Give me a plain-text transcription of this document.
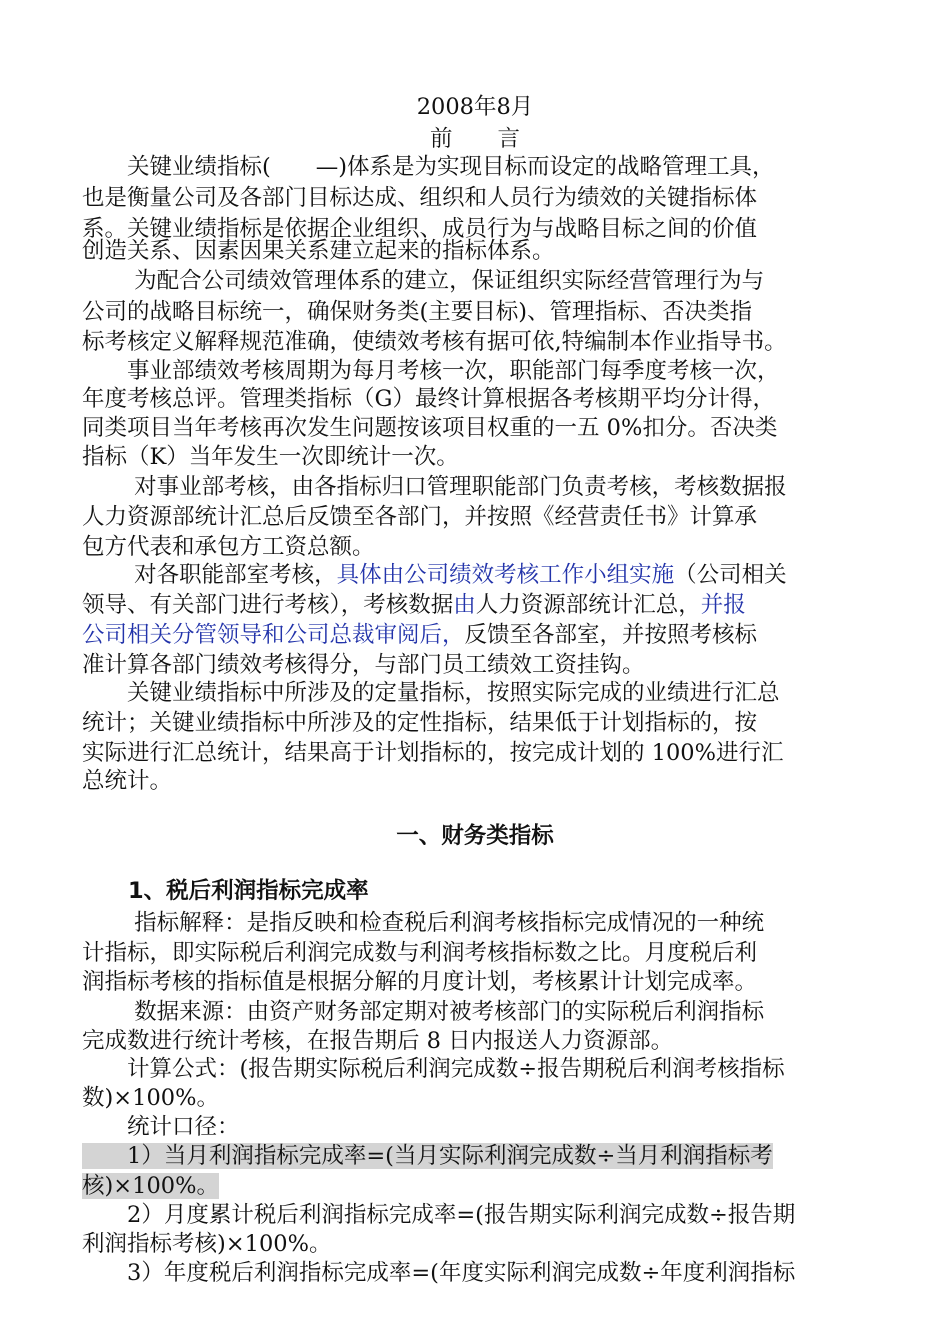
2008年8月
前　　言
　　关键业绩指标(　　—)体系是为实现目标而设定的战略管理工具，
也是衡量公司及各部门目标达成、组织和人员行为绩效的关键指标体
系。关键业绩指标是依据企业组织、成员行为与战略目标之间的价值
创造关系、因素因果关系建立起来的指标体系。
　　 为配合公司绩效管理体系的建立，保证组织实际经营管理行为与
公司的战略目标统一，确保财务类(主要目标)、管理指标、否决类指
标考核定义解释规范准确，使绩效考核有据可依,特编制本作业指导书。
　　事业部绩效考核周期为每月考核一次，职能部门每季度考核一次，
年度考核总评。管理类指标（G）最终计算根据各考核期平均分计得，
同类项目当年考核再次发生问题按该项目权重的一五 0%扣分。否决类
指标（K）当年发生一次即统计一次。
　　 对事业部考核，由各指标归口管理职能部门负责考核，考核数据报
人力资源部统计汇总后反馈至各部门，并按照《经营责任书》计算承
包方代表和承包方工资总额。
　　 对各职能部室考核，具体由公司绩效考核工作小组实施（公司相关
领导、有关部门进行考核），考核数据由人力资源部统计汇总，并报
公司相关分管领导和公司总裁审阅后，反馈至各部室，并按照考核标
准计算各部门绩效考核得分，与部门员工绩效工资挂钩。
　　关键业绩指标中所涉及的定量指标，按照实际完成的业绩进行汇总
统计；关键业绩指标中所涉及的定性指标，结果低于计划指标的，按
实际进行汇总统计，结果高于计划指标的，按完成计划的 100%进行汇
总统计。
一、财务类指标
1、税后利润指标完成率
　　 指标解释：是指反映和检查税后利润考核指标完成情况的一种统
计指标，即实际税后利润完成数与利润考核指标数之比。月度税后利
润指标考核的指标值是根据分解的月度计划，考核累计计划完成率。
　　 数据来源：由资产财务部定期对被考核部门的实际税后利润指标
完成数进行统计考核，在报告期后 8 日内报送人力资源部。
　　计算公式：(报告期实际税后利润完成数÷报告期税后利润考核指标
数)×100%。
　　统计口径：
　　1）当月利润指标完成率=(当月实际利润完成数÷当月利润指标考
核)×100%。
　　2）月度累计税后利润指标完成率=(报告期实际利润完成数÷报告期
利润指标考核)×100%。
　　3）年度税后利润指标完成率=(年度实际利润完成数÷年度利润指标
